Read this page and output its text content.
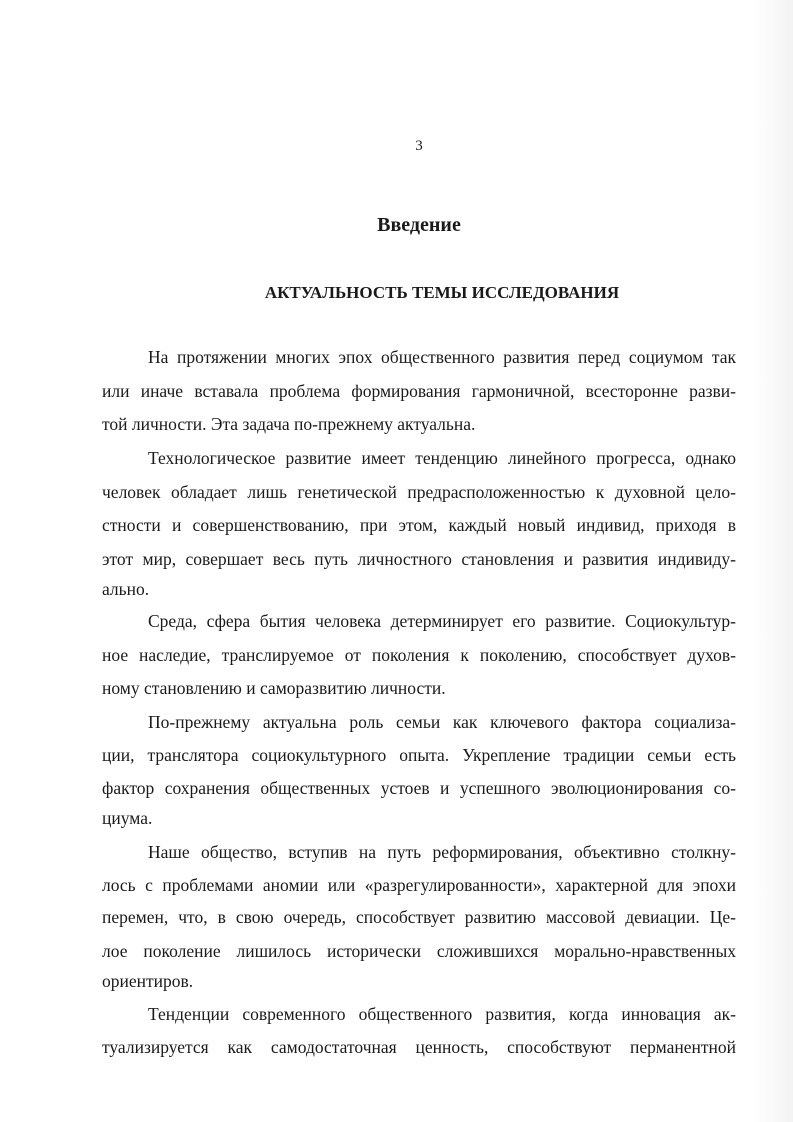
3
Введение
АКТУАЛЬНОСТЬ ТЕМЫ ИССЛЕДОВАНИЯ
На протяжении многих эпох общественного развития перед социумом так
или иначе вставала проблема формирования гармоничной, всесторонне разви-
той личности. Эта задача по-прежнему актуальна.
Технологическое развитие имеет тенденцию линейного прогресса, однако
человек обладает лишь генетической предрасположенностью к духовной цело-
стности и совершенствованию, при этом, каждый новый индивид, приходя в
этот мир, совершает весь путь личностного становления и развития индивиду-
ально.
Среда, сфера бытия человека детерминирует его развитие. Социокультур-
ное наследие, транслируемое от поколения к поколению, способствует духов-
ному становлению и саморазвитию личности.
По-прежнему актуальна роль семьи как ключевого фактора социализа-
ции, транслятора социокультурного опыта. Укрепление традиции семьи есть
фактор сохранения общественных устоев и успешного эволюционирования со-
циума.
Наше общество, вступив на путь реформирования, объективно столкну-
лось с проблемами аномии или «разрегулированности», характерной для эпохи
перемен, что, в свою очередь, способствует развитию массовой девиации. Це-
лое поколение лишилось исторически сложившихся морально-нравственных
ориентиров.
Тенденции современного общественного развития, когда инновация ак-
туализируется как самодостаточная ценность, способствуют перманентной
